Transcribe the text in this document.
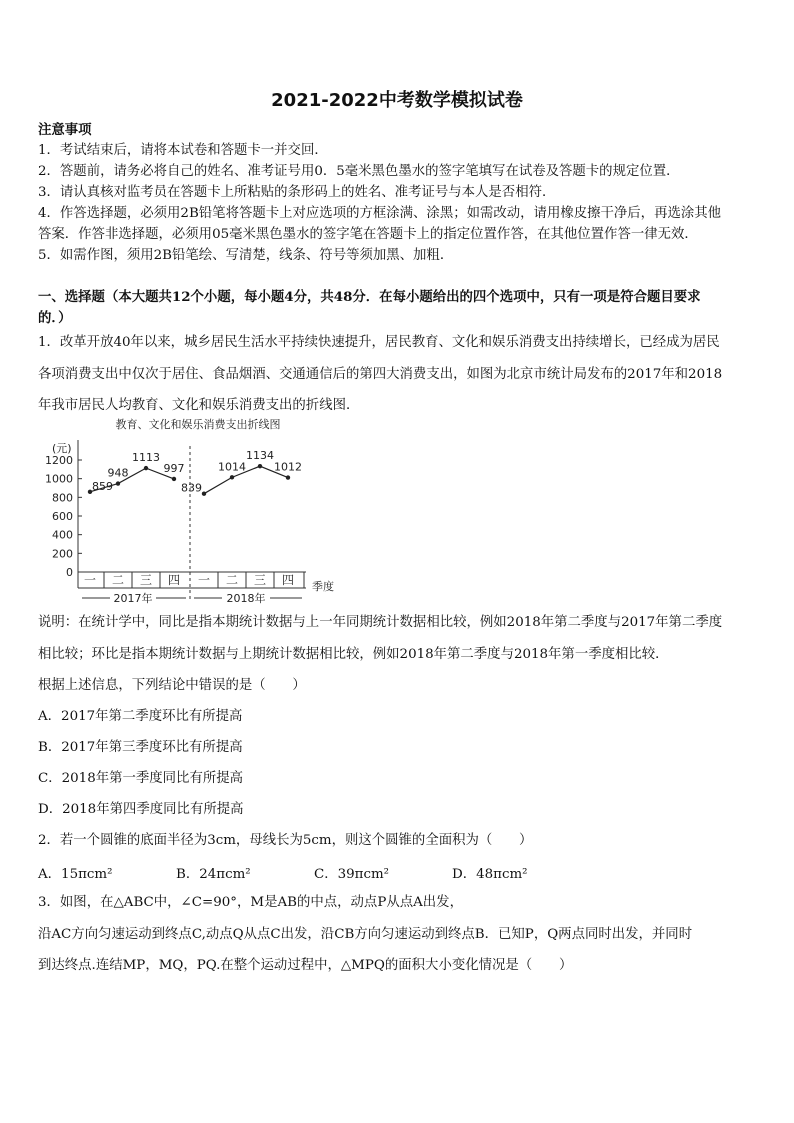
2021-2022中考数学模拟试卷
注意事项
1．考试结束后，请将本试卷和答题卡一并交回．
2．答题前，请务必将自己的姓名、准考证号用0．5毫米黑色墨水的签字笔填写在试卷及答题卡的规定位置．
3．请认真核对监考员在答题卡上所粘贴的条形码上的姓名、准考证号与本人是否相符．
4．作答选择题，必须用2B铅笔将答题卡上对应选项的方框涂满、涂黑；如需改动，请用橡皮擦干净后，再选涂其他
答案．作答非选择题，必须用05毫米黑色墨水的签字笔在答题卡上的指定位置作答，在其他位置作答一律无效．
5．如需作图，须用2B铅笔绘、写清楚，线条、符号等须加黑、加粗．
一、选择题（本大题共12个小题，每小题4分，共48分．在每小题给出的四个选项中，只有一项是符合题目要求
的．）
1．改革开放40年以来，城乡居民生活水平持续快速提升，居民教育、文化和娱乐消费支出持续增长，已经成为居民
各项消费支出中仅次于居住、食品烟酒、交通通信后的第四大消费支出，如图为北京市统计局发布的2017年和2018
年我市居民人均教育、文化和娱乐消费支出的折线图．
教育、文化和娱乐消费支出折线图
(元)
季度
0
200
400
600
800
1000
1200
一 二 三 四
2017年
859
948
1113
997
一 二 三 四
2018年
839
1014
1134
1012
说明：在统计学中，同比是指本期统计数据与上一年同期统计数据相比较，例如2018年第二季度与2017年第二季度
相比较；环比是指本期统计数据与上期统计数据相比较，例如2018年第二季度与2018年第一季度相比较．
根据上述信息，下列结论中错误的是（　　）
A．2017年第二季度环比有所提高
B．2017年第三季度环比有所提高
C．2018年第一季度同比有所提高
D．2018年第四季度同比有所提高
2．若一个圆锥的底面半径为3cm，母线长为5cm，则这个圆锥的全面积为（　　）
A．15πcm²	B．24πcm²	C．39πcm²	D．48πcm²
3．如图，在△ABC中，∠C=90°，M是AB的中点，动点P从点A出发，
沿AC方向匀速运动到终点C,动点Q从点C出发，沿CB方向匀速运动到终点B．已知P，Q两点同时出发，并同时
到达终点.连结MP，MQ，PQ.在整个运动过程中，△MPQ的面积大小变化情况是（　　）
